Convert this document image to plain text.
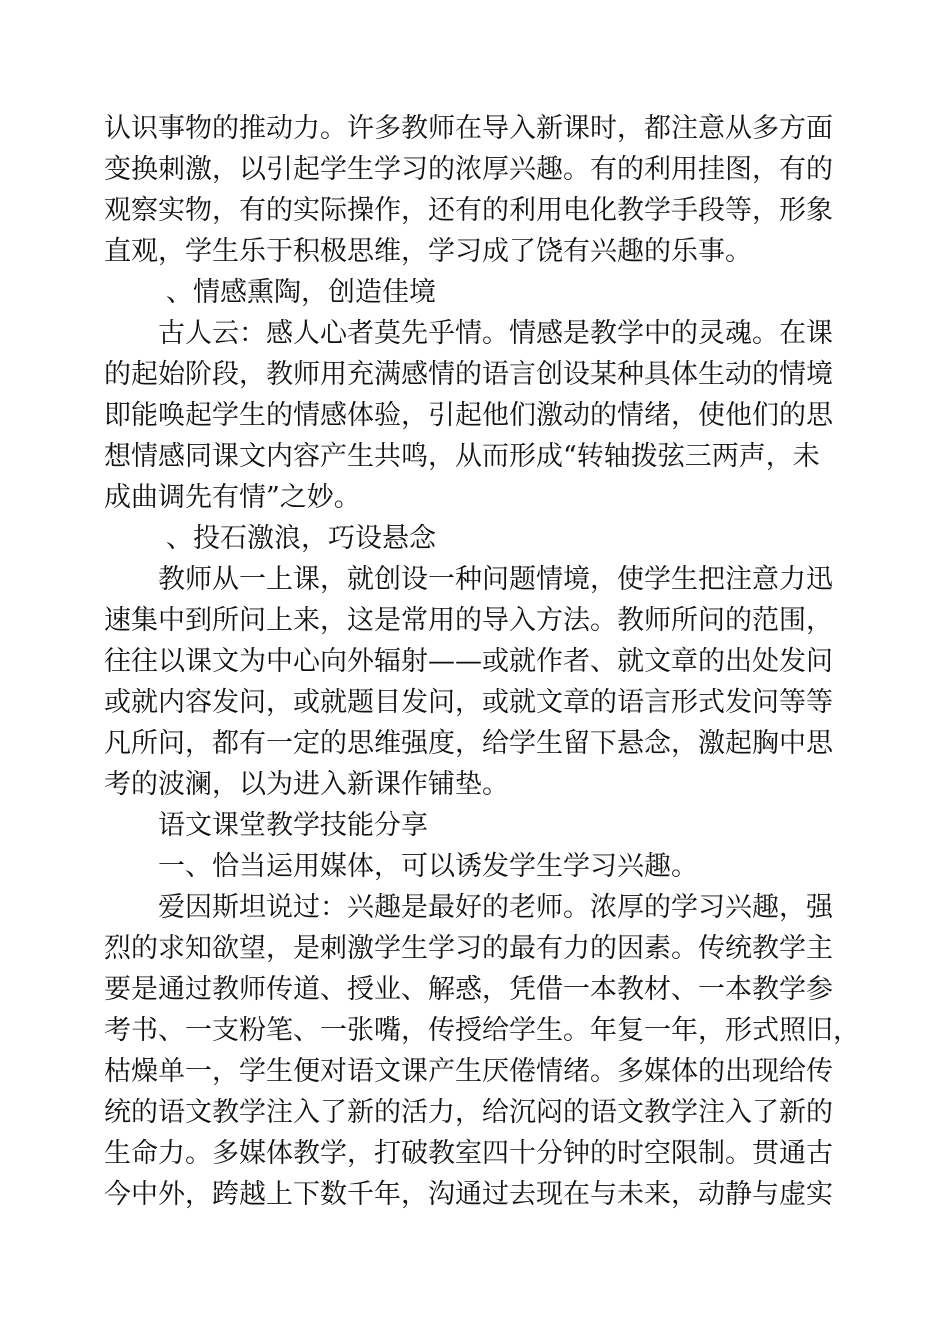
认识事物的推动力。许多教师在导入新课时，都注意从多方面
变换刺激，以引起学生学习的浓厚兴趣。有的利用挂图，有的
观察实物，有的实际操作，还有的利用电化教学手段等，形象
直观，学生乐于积极思维，学习成了饶有兴趣的乐事。
、情感熏陶，创造佳境
古人云：感人心者莫先乎情。情感是教学中的灵魂。在课
的起始阶段，教师用充满感情的语言创设某种具体生动的情境
即能唤起学生的情感体验，引起他们激动的情绪，使他们的思
想情感同课文内容产生共鸣，从而形成“转轴拨弦三两声，未
成曲调先有情”之妙。
、投石激浪，巧设悬念
教师从一上课，就创设一种问题情境，使学生把注意力迅
速集中到所问上来，这是常用的导入方法。教师所问的范围，
往往以课文为中心向外辐射——或就作者、就文章的出处发问
或就内容发问，或就题目发问，或就文章的语言形式发问等等
凡所问，都有一定的思维强度，给学生留下悬念，激起胸中思
考的波澜，以为进入新课作铺垫。
语文课堂教学技能分享
一、恰当运用媒体，可以诱发学生学习兴趣。
爱因斯坦说过：兴趣是最好的老师。浓厚的学习兴趣，强
烈的求知欲望，是刺激学生学习的最有力的因素。传统教学主
要是通过教师传道、授业、解惑，凭借一本教材、一本教学参
考书、一支粉笔、一张嘴，传授给学生。年复一年，形式照旧，
枯燥单一，学生便对语文课产生厌倦情绪。多媒体的出现给传
统的语文教学注入了新的活力，给沉闷的语文教学注入了新的
生命力。多媒体教学，打破教室四十分钟的时空限制。贯通古
今中外，跨越上下数千年，沟通过去现在与未来，动静与虚实
